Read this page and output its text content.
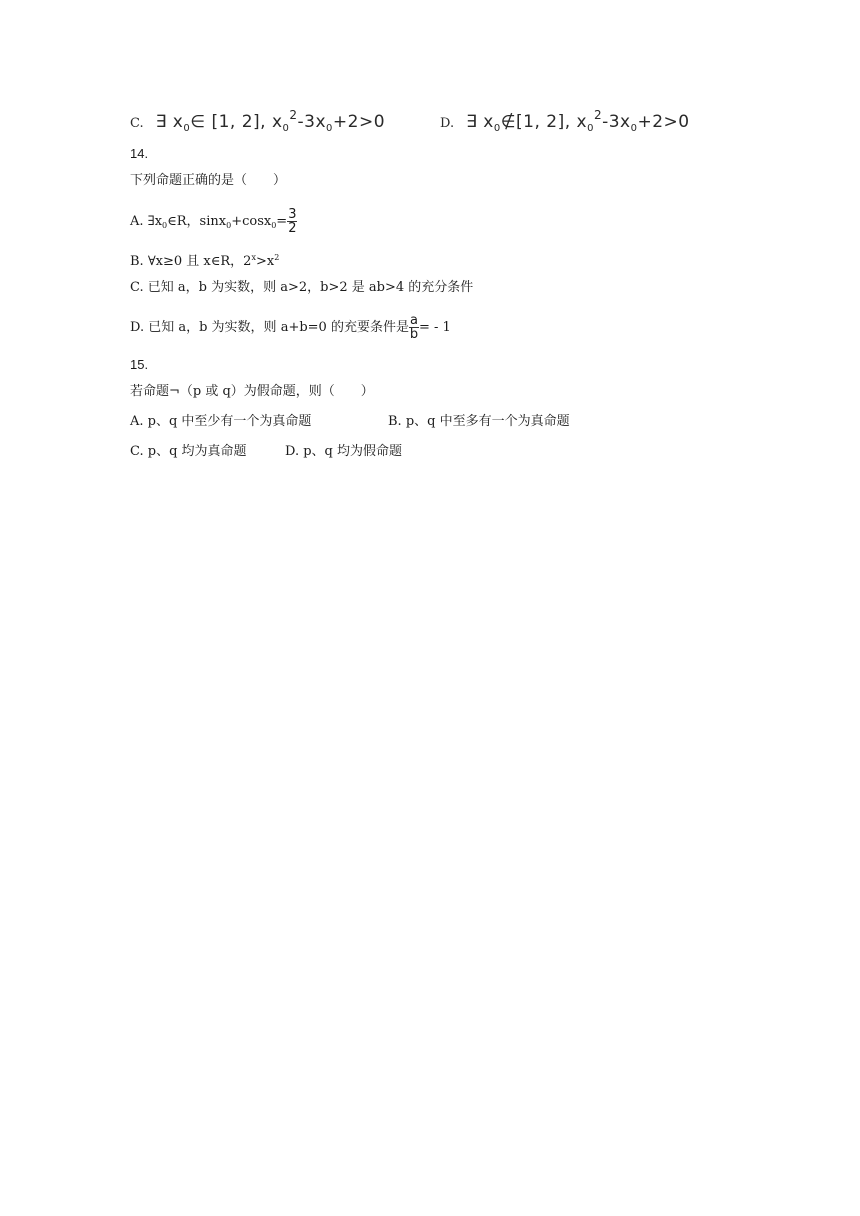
C. ∃ $x_0\in$ [1, 2], $x_0^2-3x_0+2>0$	D. ∃ $x_0\notin[1$, 2], $x_0^2-3x_0+2>0$
14.
下列命题正确的是（　　）
A. $\exists x_0\in R$，$\sin x_0+\cos x_0= \frac{3}{2}$
B. ∀x≥0 且 x∈R，$2^x>x^2$
C. 已知 a，b 为实数，则 a>2，b>2 是 ab>4 的充分条件
D. 已知 a，b 为实数，则 a+b=0 的充要条件是 $\frac{a}{b}$ = - 1
15.
若命题¬（p 或 q）为假命题，则（　　）
A. p、q 中至少有一个为真命题	B. p、q 中至多有一个为真命题
C. p、q 均为真命题	D. p、q 均为假命题
